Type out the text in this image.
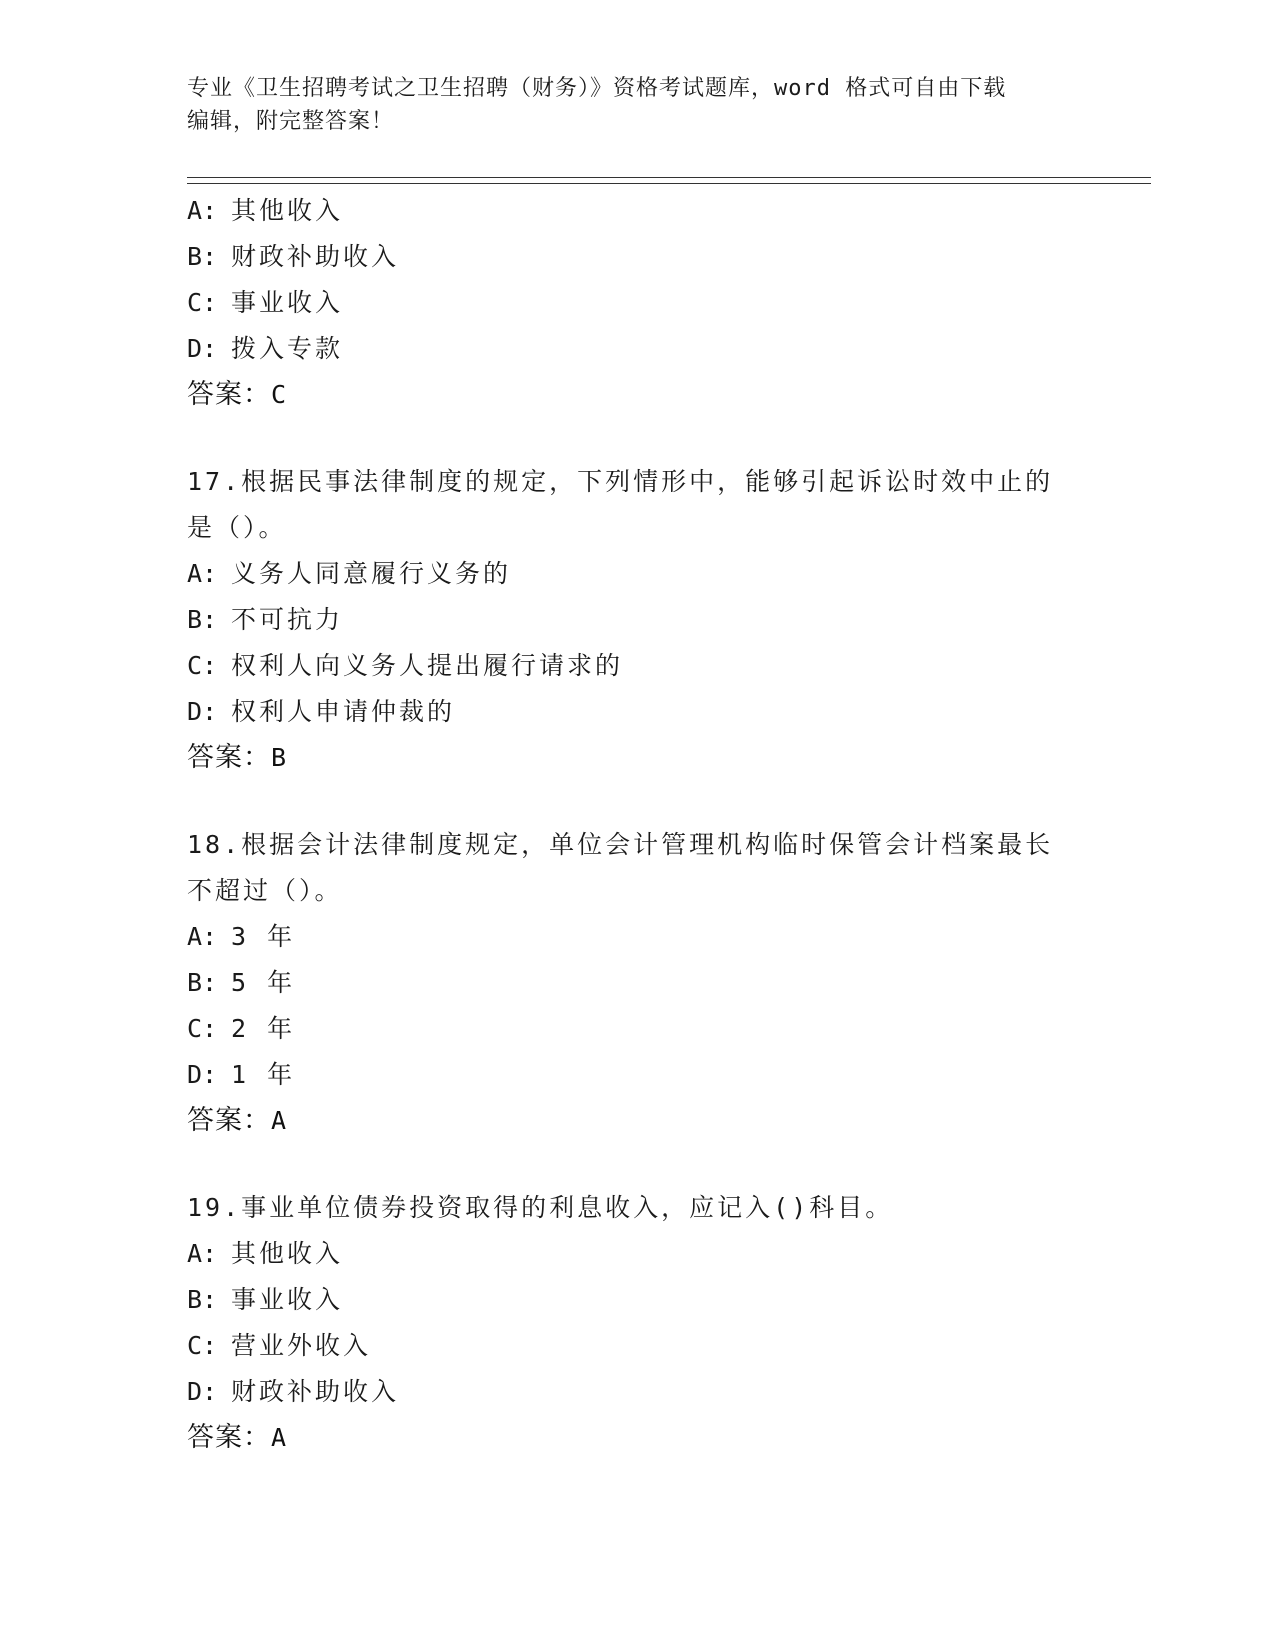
专业《卫生招聘考试之卫生招聘（财务）》资格考试题库，word 格式可自由下载
编辑，附完整答案！
A: 其他收入
B: 财政补助收入
C: 事业收入
D: 拨入专款
答案：C
17.根据民事法律制度的规定，下列情形中，能够引起诉讼时效中止的
是（）。
A: 义务人同意履行义务的
B: 不可抗力
C: 权利人向义务人提出履行请求的
D: 权利人申请仲裁的
答案：B
18.根据会计法律制度规定，单位会计管理机构临时保管会计档案最长
不超过（）。
A: 3 年
B: 5 年
C: 2 年
D: 1 年
答案：A
19.事业单位债券投资取得的利息收入，应记入()科目。
A: 其他收入
B: 事业收入
C: 营业外收入
D: 财政补助收入
答案：A
